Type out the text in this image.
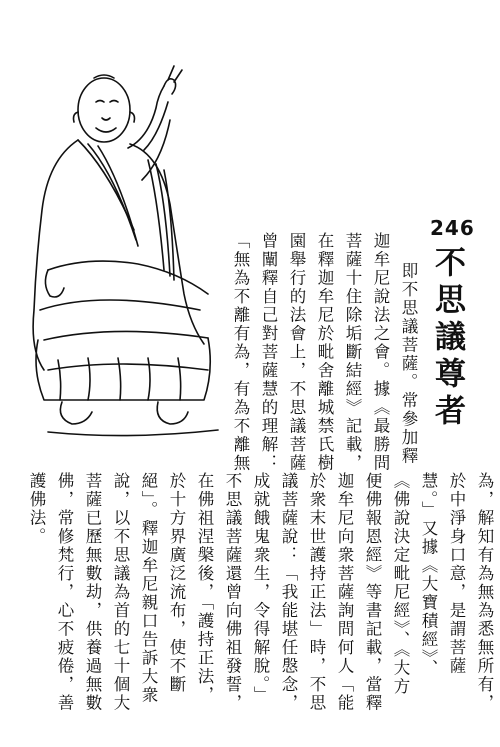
246
不思議尊者
即不思議菩薩。常參加釋
迦牟尼說法之會。據《最勝問
菩薩十住除垢斷結經》記載，
在釋迦牟尼於毗舍離城禁氏樹
園舉行的法會上，不思議菩薩
曾闡釋自己對菩薩慧的理解：
「無為不離有為，有為不離無
為，解知有為無為悉無所有，
於中淨身口意，是謂菩薩
慧。」又據《大寶積經》、
《佛說決定毗尼經》、《大方
便佛報恩經》等書記載，當釋
迦牟尼向衆菩薩詢問何人「能
於衆末世護持正法」時，不思
議菩薩說：「我能堪任慇念，
成就餓鬼衆生，令得解脫。」
不思議菩薩還曾向佛祖發誓，
在佛祖涅槃後，「護持正法，
於十方界廣泛流布，使不斷
絕」。釋迦牟尼親口告訴大衆
說，以不思議為首的七十個大
菩薩已歷無數劫，供養過無數
佛，常修梵行，心不疲倦，善
護佛法。
